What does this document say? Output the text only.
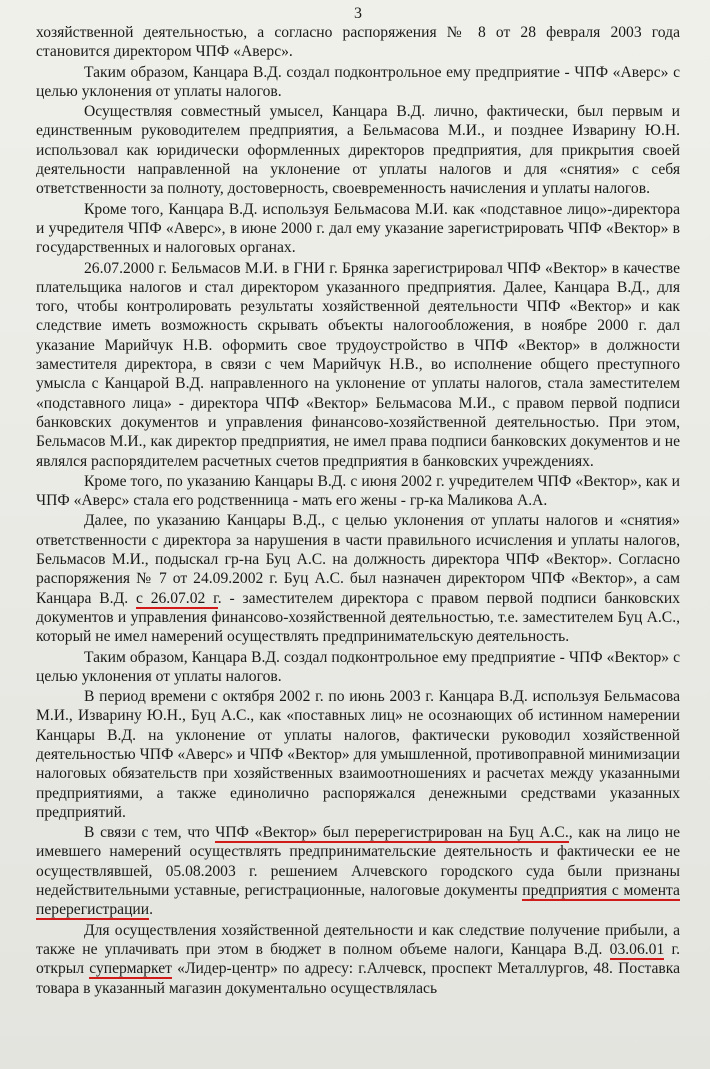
3

хозяйственной деятельностью, а согласно распоряжения № 8 от 28 февраля 2003 года становится директором ЧПФ «Аверс».

Таким образом, Канцара В.Д. создал подконтрольное ему предприятие - ЧПФ «Аверс» с целью уклонения от уплаты налогов.

Осуществляя совместный умысел, Канцара В.Д. лично, фактически, был первым и единственным руководителем предприятия, а Бельмасова М.И., и позднее Изварину Ю.Н. использовал как юридически оформленных директоров предприятия, для прикрытия своей деятельности направленной на уклонение от уплаты налогов и для «снятия» с себя ответственности за полноту, достоверность, своевременность начисления и уплаты налогов.

Кроме того, Канцара В.Д. используя Бельмасова М.И. как «подставное лицо»-директора и учредителя ЧПФ «Аверс», в июне 2000 г. дал ему указание зарегистрировать ЧПФ «Вектор» в государственных и налоговых органах.

26.07.2000 г. Бельмасов М.И. в ГНИ г. Брянка зарегистрировал ЧПФ «Вектор» в качестве плательщика налогов и стал директором указанного предприятия. Далее, Канцара В.Д., для того, чтобы контролировать результаты хозяйственной деятельности ЧПФ «Вектор» и как следствие иметь возможность скрывать объекты налогообложения, в ноябре 2000 г. дал указание Марийчук Н.В. оформить свое трудоустройство в ЧПФ «Вектор» в должности заместителя директора, в связи с чем Марийчук Н.В., во исполнение общего преступного умысла с Канцарой В.Д. направленного на уклонение от уплаты налогов, стала заместителем «подставного лица» - директора ЧПФ «Вектор» Бельмасова М.И., с правом первой подписи банковских документов и управления финансово-хозяйственной деятельностью. При этом, Бельмасов М.И., как директор предприятия, не имел права подписи банковских документов и не являлся распорядителем расчетных счетов предприятия в банковских учреждениях.

Кроме того, по указанию Канцары В.Д. с июня 2002 г. учредителем ЧПФ «Вектор», как и ЧПФ «Аверс» стала его родственница - мать его жены - гр-ка Маликова А.А.

Далее, по указанию Канцары В.Д., с целью уклонения от уплаты налогов и «снятия» ответственности с директора за нарушения в части правильного исчисления и уплаты налогов, Бельмасов М.И., подыскал гр-на Буц А.С. на должность директора ЧПФ «Вектор». Согласно распоряжения № 7 от 24.09.2002 г. Буц А.С. был назначен директором ЧПФ «Вектор», а сам Канцара В.Д. с 26.07.02 г. - заместителем директора с правом первой подписи банковских документов и управления финансово-хозяйственной деятельностью, т.е. заместителем Буц А.С., который не имел намерений осуществлять предпринимательскую деятельность.

Таким образом, Канцара В.Д. создал подконтрольное ему предприятие - ЧПФ «Вектор» с целью уклонения от уплаты налогов.

В период времени с октября 2002 г. по июнь 2003 г. Канцара В.Д. используя Бельмасова М.И., Изварину Ю.Н., Буц А.С., как «поставных лиц» не осознающих об истинном намерении Канцары В.Д. на уклонение от уплаты налогов, фактически руководил хозяйственной деятельностью ЧПФ «Аверс» и ЧПФ «Вектор» для умышленной, противоправной минимизации налоговых обязательств при хозяйственных взаимоотношениях и расчетах между указанными предприятиями, а также единолично распоряжался денежными средствами указанных предприятий.

В связи с тем, что ЧПФ «Вектор» был перерегистрирован на Буц А.С., как на лицо не имевшего намерений осуществлять предпринимательские деятельность и фактически ее не осуществлявшей, 05.08.2003 г. решением Алчевского городского суда были признаны недействительными уставные, регистрационные, налоговые документы предприятия с момента перерегистрации.

Для осуществления хозяйственной деятельности и как следствие получение прибыли, а также не уплачивать при этом в бюджет в полном объеме налоги, Канцара В.Д. 03.06.01 г. открыл супермаркет «Лидер-центр» по адресу: г.Алчевск, проспект Металлургов, 48. Поставка товара в указанный магазин документально осуществлялась
